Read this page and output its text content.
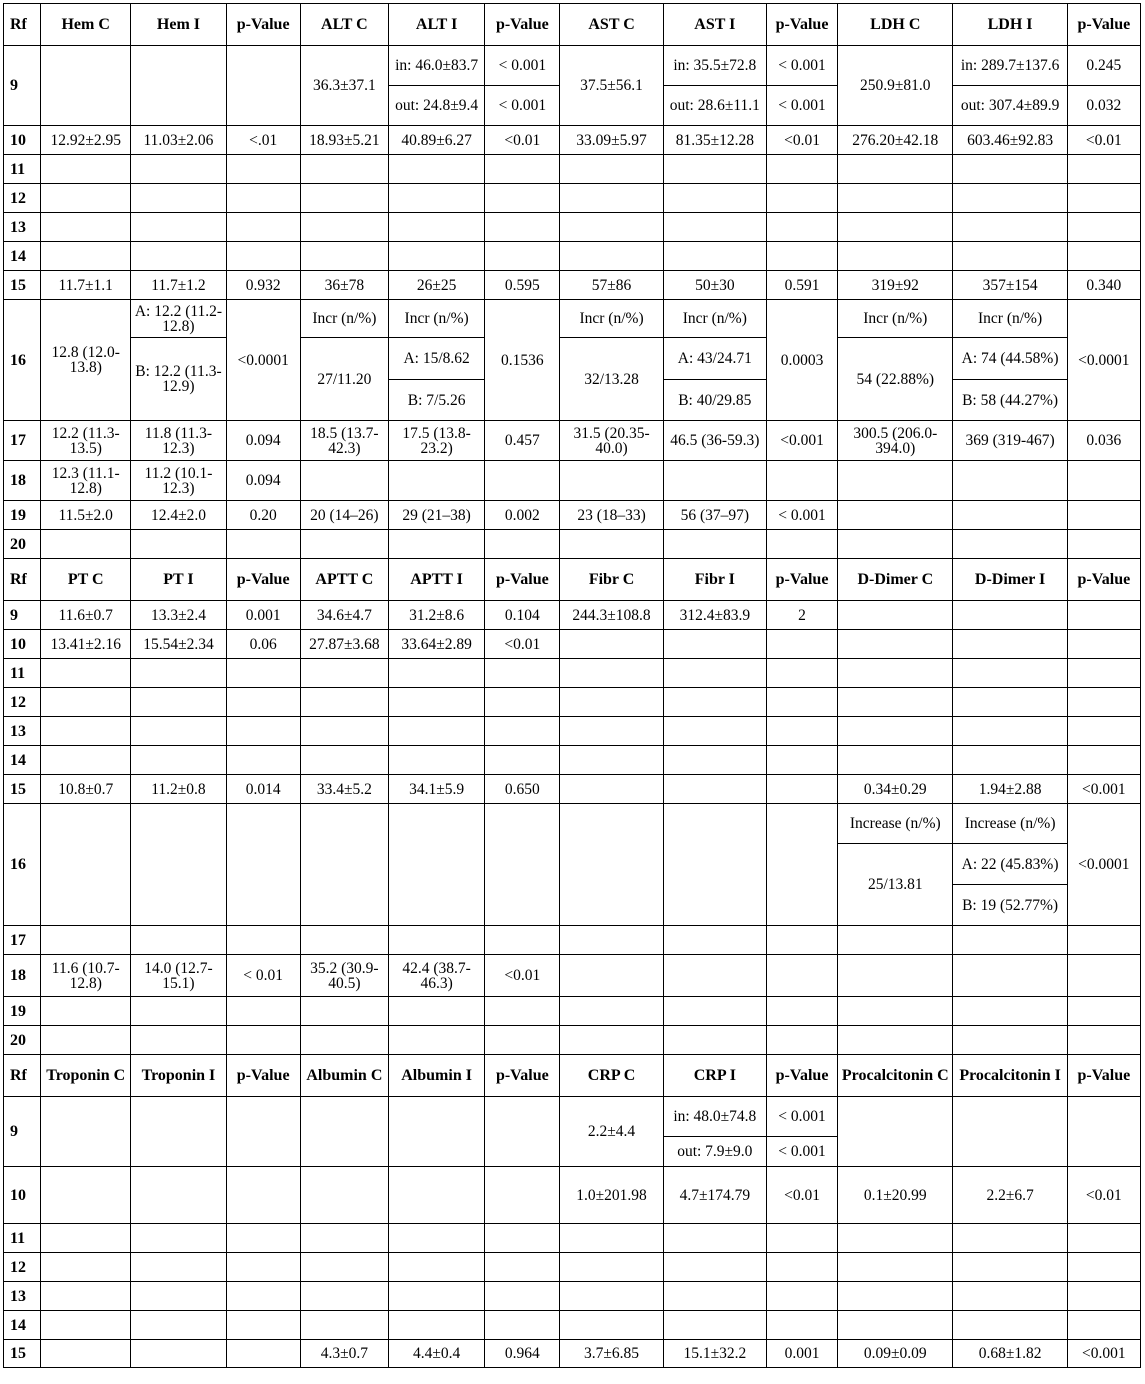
Rf	Hem C	Hem I	p-Value	ALT C	ALT I	p-Value	AST C	AST I	p-Value	LDH C	LDH I	p-Value
9				36.3±37.1	in: 46.0±83.7	< 0.001	37.5±56.1	in: 35.5±72.8	< 0.001	250.9±81.0	in: 289.7±137.6	0.245
					out: 24.8±9.4	< 0.001		out: 28.6±11.1	< 0.001		out: 307.4±89.9	0.032
10	12.92±2.95	11.03±2.06	<.01	18.93±5.21	40.89±6.27	<0.01	33.09±5.97	81.35±12.28	<0.01	276.20±42.18	603.46±92.83	<0.01
11												
12												
13												
14												
15	11.7±1.1	11.7±1.2	0.932	36±78	26±25	0.595	57±86	50±30	0.591	319±92	357±154	0.340
16	12.8 (12.0-13.8)	A: 12.2 (11.2-12.8)	<0.0001	Incr (n/%)	Incr (n/%)	0.1536	Incr (n/%)	Incr (n/%)	0.0003	Incr (n/%)	Incr (n/%)	<0.0001
		B: 12.2 (11.3-12.9)		27/11.20	A: 15/8.62		32/13.28	A: 43/24.71		54 (22.88%)	A: 74 (44.58%)	
					B: 7/5.26			B: 40/29.85			B: 58 (44.27%)	
17	12.2 (11.3-13.5)	11.8 (11.3-12.3)	0.094	18.5 (13.7-42.3)	17.5 (13.8-23.2)	0.457	31.5 (20.35-40.0)	46.5 (36-59.3)	<0.001	300.5 (206.0-394.0)	369 (319-467)	0.036
18	12.3 (11.1-12.8)	11.2 (10.1-12.3)	0.094									
19	11.5±2.0	12.4±2.0	0.20	20 (14–26)	29 (21–38)	0.002	23 (18–33)	56 (37–97)	< 0.001			
20												
Rf	PT C	PT I	p-Value	APTT C	APTT I	p-Value	Fibr C	Fibr I	p-Value	D-Dimer C	D-Dimer I	p-Value
9	11.6±0.7	13.3±2.4	0.001	34.6±4.7	31.2±8.6	0.104	244.3±108.8	312.4±83.9	2			
10	13.41±2.16	15.54±2.34	0.06	27.87±3.68	33.64±2.89	<0.01						
11												
12												
13												
14												
15	10.8±0.7	11.2±0.8	0.014	33.4±5.2	34.1±5.9	0.650				0.34±0.29	1.94±2.88	<0.001
16										Increase (n/%)	Increase (n/%)	<0.0001
										25/13.81	A: 22 (45.83%)	
											B: 19 (52.77%)	
17												
18	11.6 (10.7-12.8)	14.0 (12.7-15.1)	< 0.01	35.2 (30.9-40.5)	42.4 (38.7-46.3)	<0.01						
19												
20												
Rf	Troponin C	Troponin I	p-Value	Albumin C	Albumin I	p-Value	CRP C	CRP I	p-Value	Procalcitonin C	Procalcitonin I	p-Value
9							2.2±4.4	in: 48.0±74.8	< 0.001			
								out: 7.9±9.0	< 0.001			
10							1.0±201.98	4.7±174.79	<0.01	0.1±20.99	2.2±6.7	<0.01
11												
12												
13												
14												
15				4.3±0.7	4.4±0.4	0.964	3.7±6.85	15.1±32.2	0.001	0.09±0.09	0.68±1.82	<0.001
